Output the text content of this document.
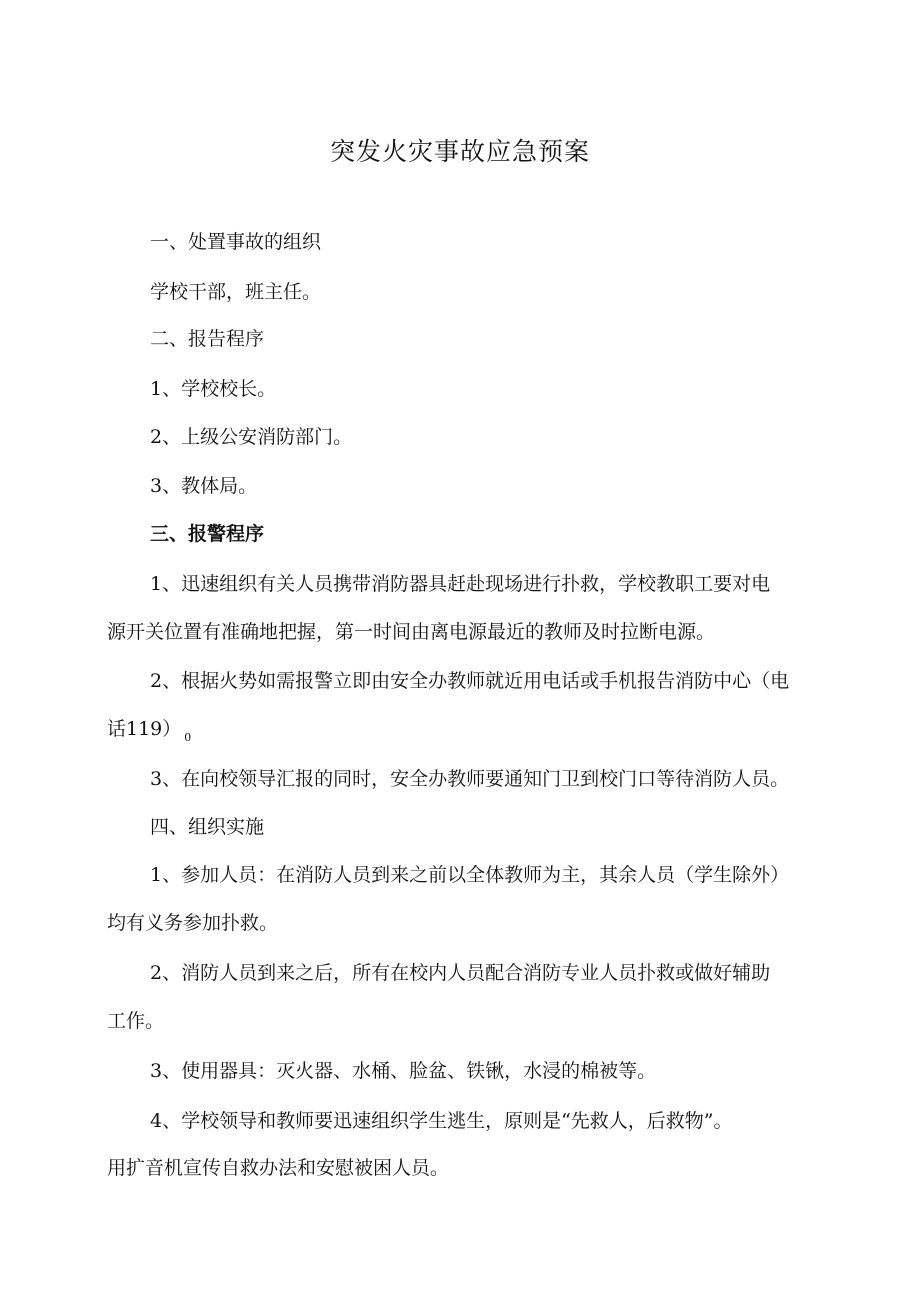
突发火灾事故应急预案
一、处置事故的组织
学校干部，班主任。
二、报告程序
1、学校校长。
2、上级公安消防部门。
3、教体局。
三、报警程序
1、迅速组织有关人员携带消防器具赶赴现场进行扑救，学校教职工要对电
源开关位置有准确地把握，第一时间由离电源最近的教师及时拉断电源。
2、根据火势如需报警立即由安全办教师就近用电话或手机报告消防中心（电
话119） $_0$
3、在向校领导汇报的同时，安全办教师要通知门卫到校门口等待消防人员。
四、组织实施
1、参加人员：在消防人员到来之前以全体教师为主，其余人员（学生除外）
均有义务参加扑救。
2、消防人员到来之后，所有在校内人员配合消防专业人员扑救或做好辅助
工作。
3、使用器具：灭火器、水桶、脸盆、铁锹，水浸的棉被等。
4、学校领导和教师要迅速组织学生逃生，原则是“先救人，后救物”。
用扩音机宣传自救办法和安慰被困人员。
